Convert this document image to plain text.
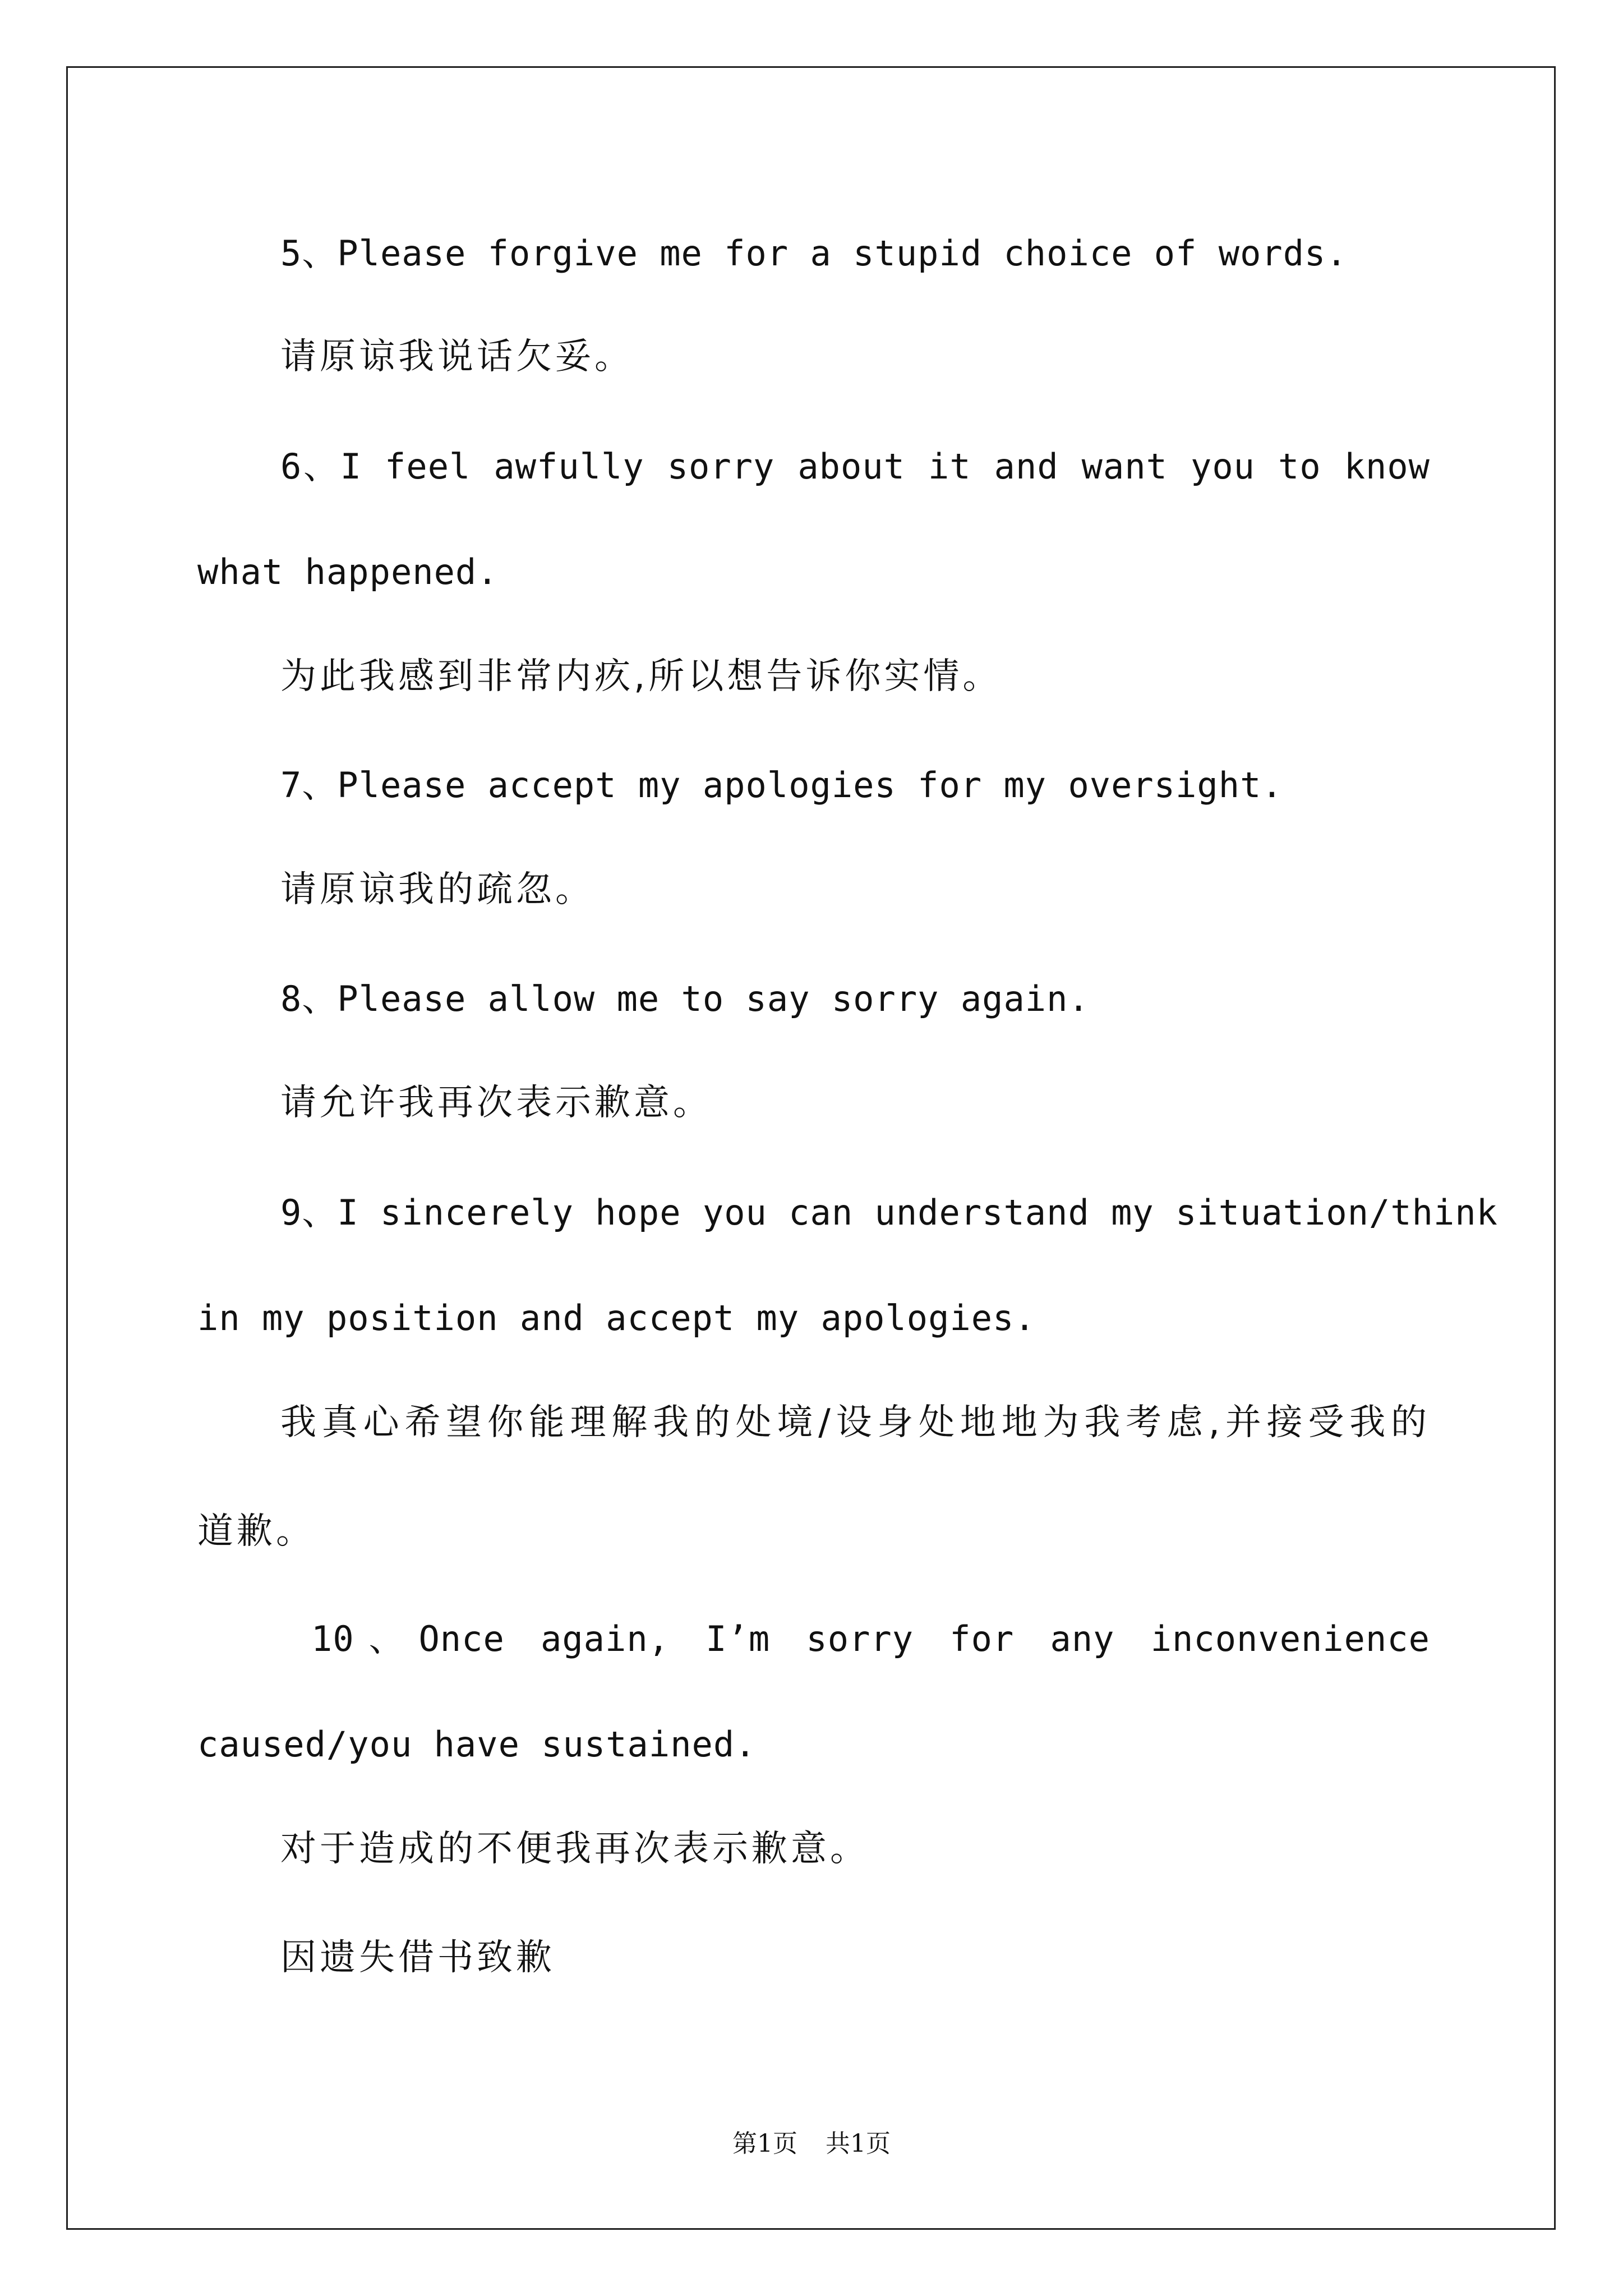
5、Please forgive me for a stupid choice of words.
请原谅我说话欠妥。
6、I feel awfully sorry about it and want you to know
what happened.
为此我感到非常内疚,所以想告诉你实情。
7、Please accept my apologies for my oversight.
请原谅我的疏忽。
8、Please allow me to say sorry again.
请允许我再次表示歉意。
9、I sincerely hope you can understand my situation/think
in my position and accept my apologies.
我真心希望你能理解我的处境/设身处地地为我考虑,并接受我的
道歉。
10、Once again, I’m sorry for any inconvenience
caused/you have sustained.
对于造成的不便我再次表示歉意。
因遗失借书致歉
第1页 共1页
